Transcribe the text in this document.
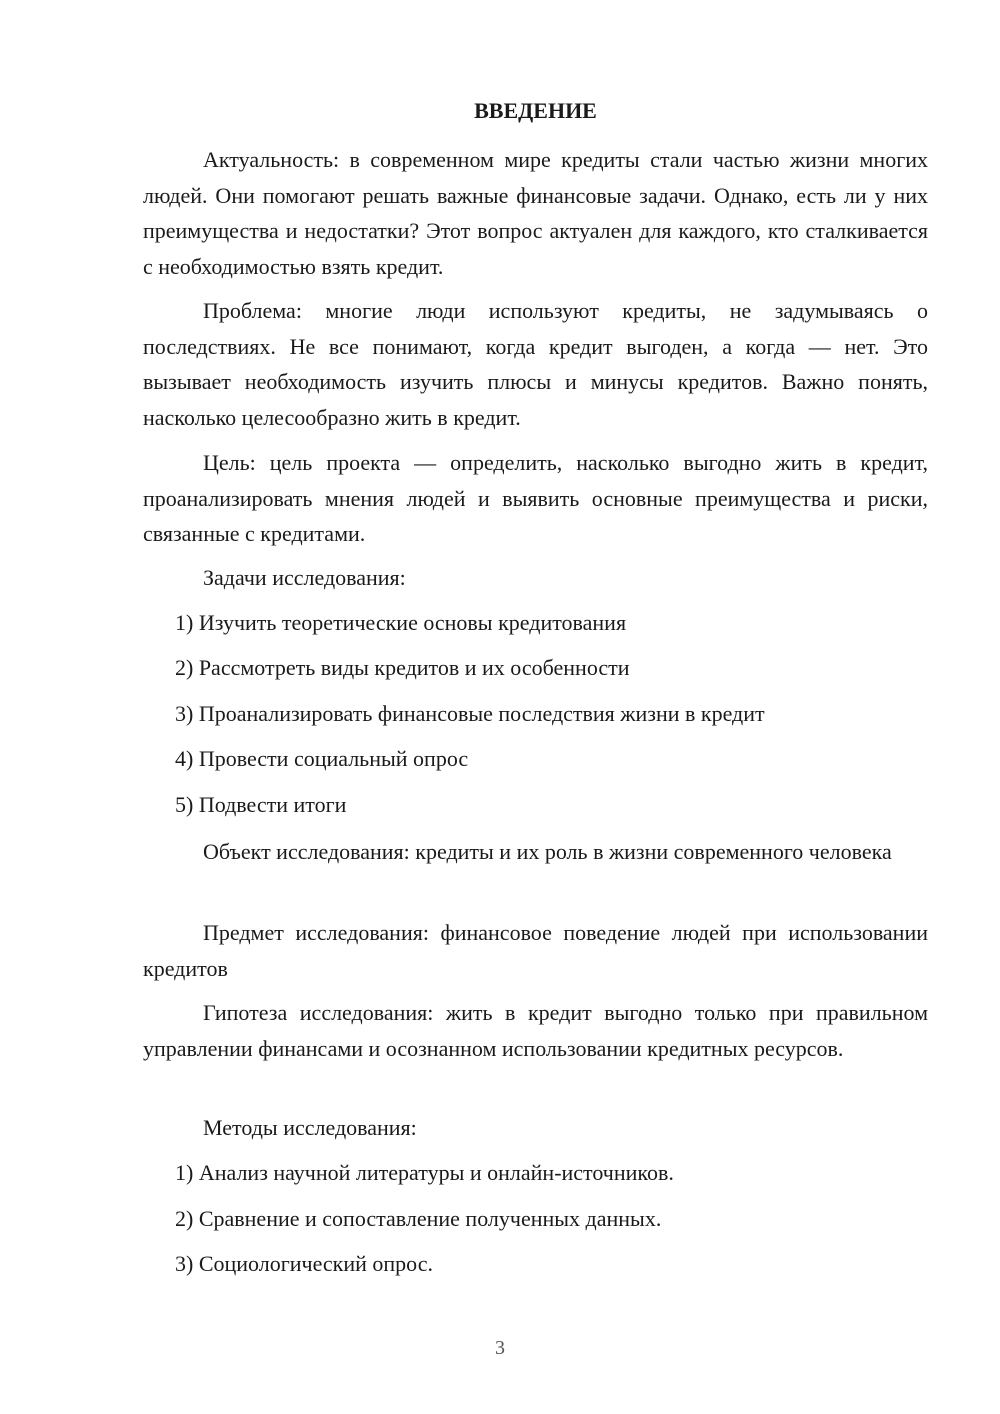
ВВЕДЕНИЕ

Актуальность: в современном мире кредиты стали частью жизни многих людей. Они помогают решать важные финансовые задачи. Однако, есть ли у них преимущества и недостатки? Этот вопрос актуален для каждого, кто сталкивается с необходимостью взять кредит.

Проблема: многие люди используют кредиты, не задумываясь о последствиях. Не все понимают, когда кредит выгоден, а когда — нет. Это вызывает необходимость изучить плюсы и минусы кредитов. Важно понять, насколько целесообразно жить в кредит.

Цель: цель проекта — определить, насколько выгодно жить в кредит, проанализировать мнения людей и выявить основные преимущества и риски, связанные с кредитами.

Задачи исследования:

1) Изучить теоретические основы кредитования

2) Рассмотреть виды кредитов и их особенности

3) Проанализировать финансовые последствия жизни в кредит

4) Провести социальный опрос

5) Подвести итоги

Объект исследования: кредиты и их роль в жизни современного человека

Предмет исследования: финансовое поведение людей при использовании кредитов

Гипотеза исследования: жить в кредит выгодно только при правильном управлении финансами и осознанном использовании кредитных ресурсов.

Методы исследования:

1) Анализ научной литературы и онлайн-источников.

2) Сравнение и сопоставление полученных данных.

3) Социологический опрос.

3
